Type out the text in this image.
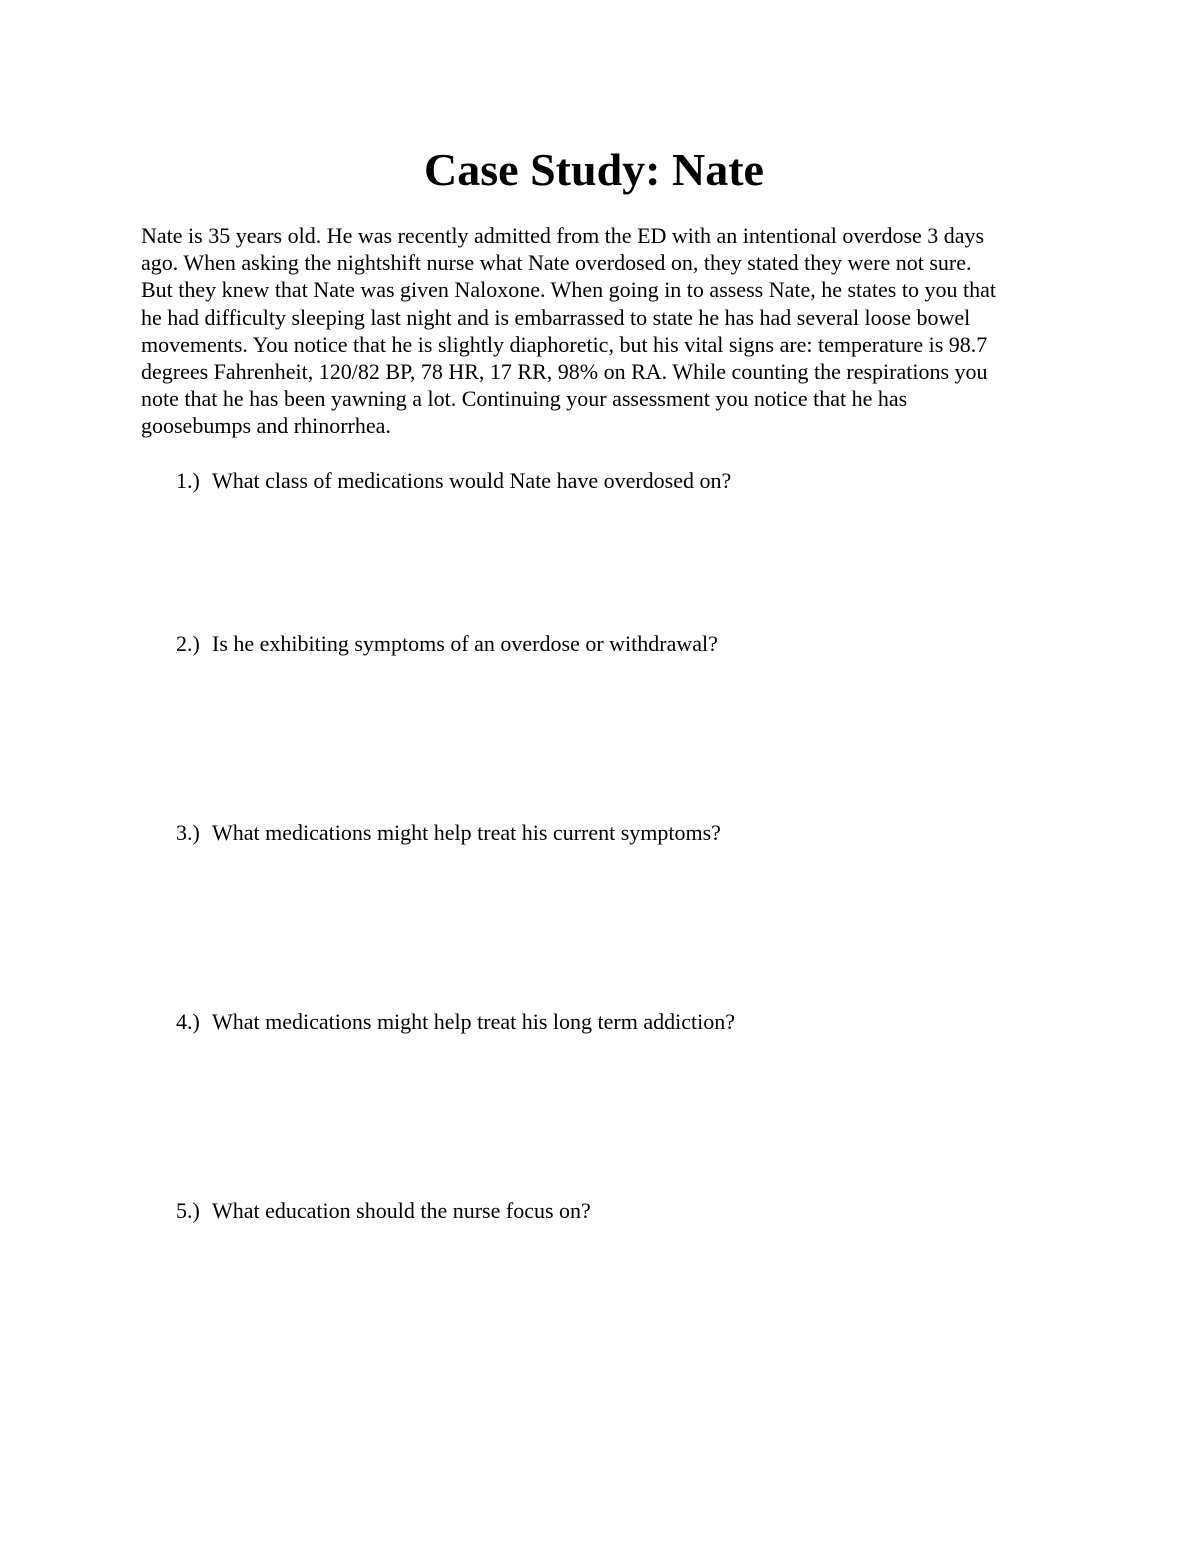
Case Study: Nate
Nate is 35 years old. He was recently admitted from the ED with an intentional overdose 3 days
ago. When asking the nightshift nurse what Nate overdosed on, they stated they were not sure.
But they knew that Nate was given Naloxone. When going in to assess Nate, he states to you that
he had difficulty sleeping last night and is embarrassed to state he has had several loose bowel
movements. You notice that he is slightly diaphoretic, but his vital signs are: temperature is 98.7
degrees Fahrenheit, 120/82 BP, 78 HR, 17 RR, 98% on RA. While counting the respirations you
note that he has been yawning a lot. Continuing your assessment you notice that he has
goosebumps and rhinorrhea.

1.) What class of medications would Nate have overdosed on?

2.) Is he exhibiting symptoms of an overdose or withdrawal?

3.) What medications might help treat his current symptoms?

4.) What medications might help treat his long term addiction?

5.) What education should the nurse focus on?
